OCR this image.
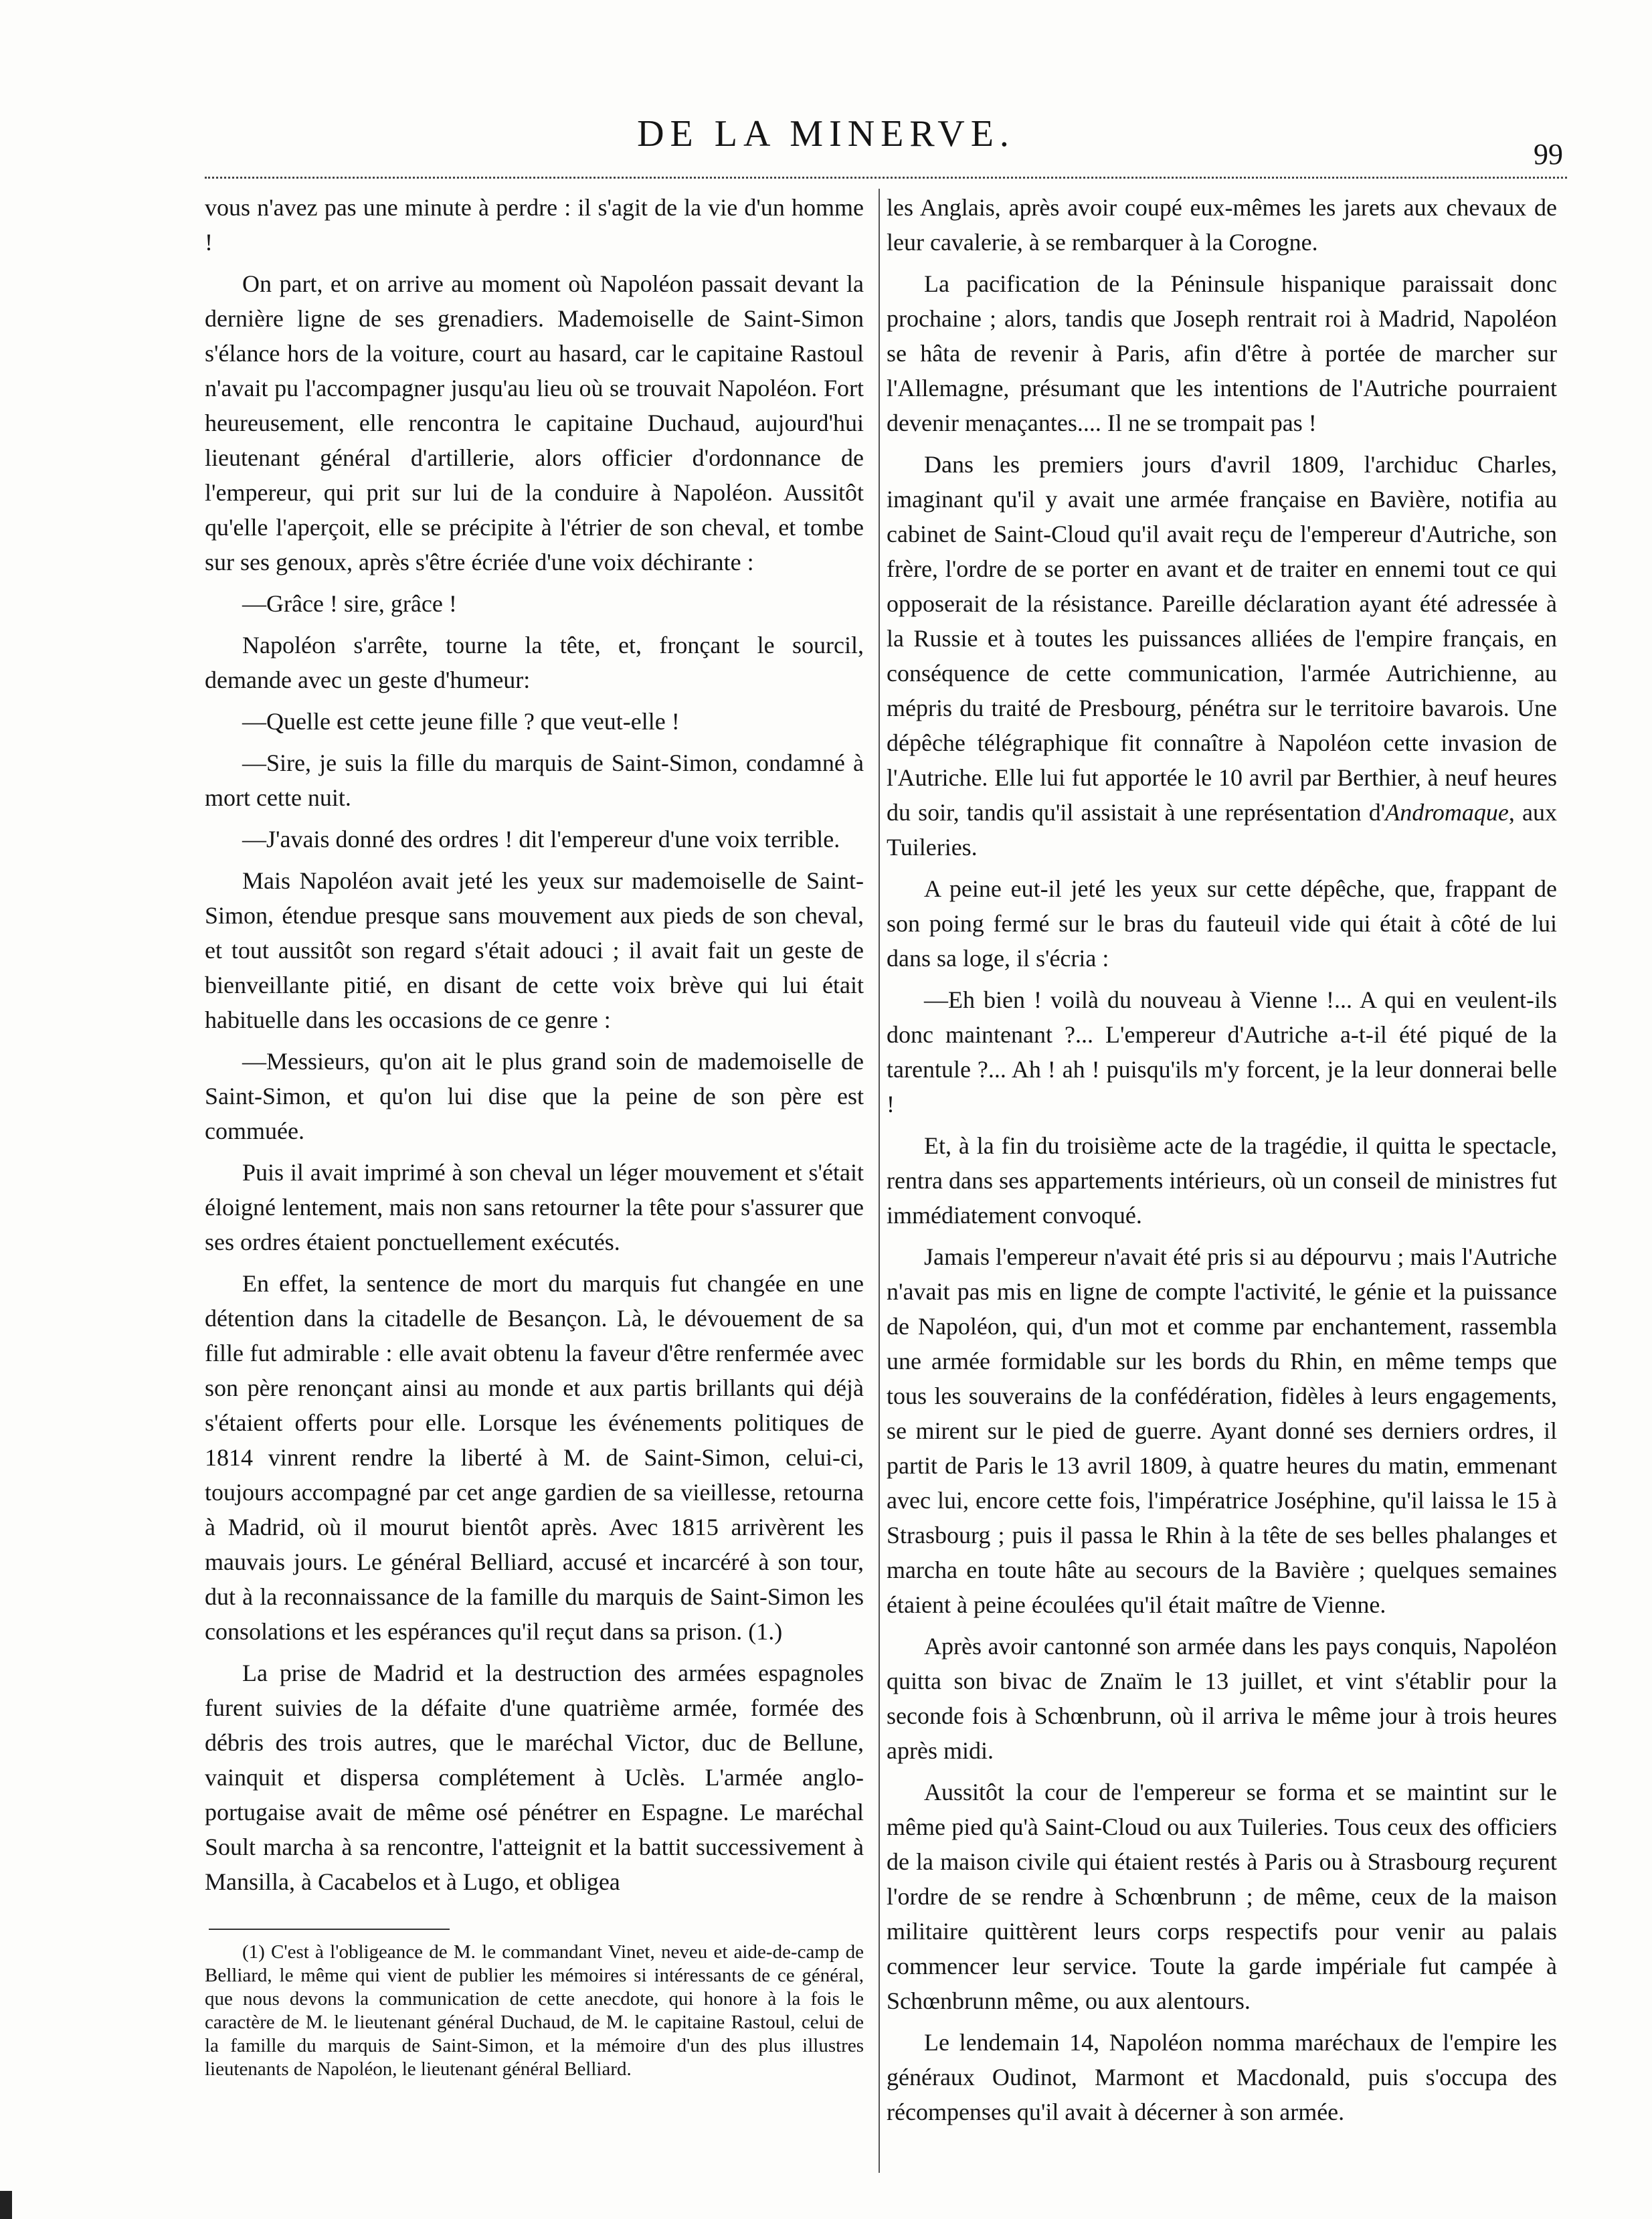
DE LA MINERVE.	99

vous n'avez pas une minute à perdre : il s'agit de la vie d'un homme !

On part, et on arrive au moment où Napoléon passait devant la dernière ligne de ses grenadiers. Mademoiselle de Saint-Simon s'élance hors de la voiture, court au hasard, car le capitaine Rastoul n'avait pu l'accompagner jusqu'au lieu où se trouvait Napoléon. Fort heureusement, elle rencontra le capitaine Duchaud, aujourd'hui lieutenant général d'artillerie, alors officier d'ordonnance de l'empereur, qui prit sur lui de la conduire à Napoléon. Aussitôt qu'elle l'aperçoit, elle se précipite à l'étrier de son cheval, et tombe sur ses genoux, après s'être écriée d'une voix déchirante :

—Grâce ! sire, grâce !

Napoléon s'arrête, tourne la tête, et, fronçant le sourcil, demande avec un geste d'humeur:

—Quelle est cette jeune fille ? que veut-elle !

—Sire, je suis la fille du marquis de Saint-Simon, condamné à mort cette nuit.

—J'avais donné des ordres ! dit l'empereur d'une voix terrible.

Mais Napoléon avait jeté les yeux sur mademoiselle de Saint-Simon, étendue presque sans mouvement aux pieds de son cheval, et tout aussitôt son regard s'était adouci ; il avait fait un geste de bienveillante pitié, en disant de cette voix brève qui lui était habituelle dans les occasions de ce genre :

—Messieurs, qu'on ait le plus grand soin de mademoiselle de Saint-Simon, et qu'on lui dise que la peine de son père est commuée.

Puis il avait imprimé à son cheval un léger mouvement et s'était éloigné lentement, mais non sans retourner la tête pour s'assurer que ses ordres étaient ponctuellement exécutés.

En effet, la sentence de mort du marquis fut changée en une détention dans la citadelle de Besançon. Là, le dévouement de sa fille fut admirable : elle avait obtenu la faveur d'être renfermée avec son père renonçant ainsi au monde et aux partis brillants qui déjà s'étaient offerts pour elle. Lorsque les événements politiques de 1814 vinrent rendre la liberté à M. de Saint-Simon, celui-ci, toujours accompagné par cet ange gardien de sa vieillesse, retourna à Madrid, où il mourut bientôt après. Avec 1815 arrivèrent les mauvais jours. Le général Belliard, accusé et incarcéré à son tour, dut à la reconnaissance de la famille du marquis de Saint-Simon les consolations et les espérances qu'il reçut dans sa prison. (1.)

La prise de Madrid et la destruction des armées espagnoles furent suivies de la défaite d'une quatrième armée, formée des débris des trois autres, que le maréchal Victor, duc de Bellune, vainquit et dispersa complétement à Uclès. L'armée anglo-portugaise avait de même osé pénétrer en Espagne. Le maréchal Soult marcha à sa rencontre, l'atteignit et la battit successivement à Mansilla, à Cacabelos et à Lugo, et obligea

(1) C'est à l'obligeance de M. le commandant Vinet, neveu et aide-de-camp de Belliard, le même qui vient de publier les mémoires si intéressants de ce général, que nous devons la communication de cette anecdote, qui honore à la fois le caractère de M. le lieutenant général Duchaud, de M. le capitaine Rastoul, celui de la famille du marquis de Saint-Simon, et la mémoire d'un des plus illustres lieutenants de Napoléon, le lieutenant général Belliard.

les Anglais, après avoir coupé eux-mêmes les jarets aux chevaux de leur cavalerie, à se rembarquer à la Corogne.

La pacification de la Péninsule hispanique paraissait donc prochaine ; alors, tandis que Joseph rentrait roi à Madrid, Napoléon se hâta de revenir à Paris, afin d'être à portée de marcher sur l'Allemagne, présumant que les intentions de l'Autriche pourraient devenir menaçantes.... Il ne se trompait pas !

Dans les premiers jours d'avril 1809, l'archiduc Charles, imaginant qu'il y avait une armée française en Bavière, notifia au cabinet de Saint-Cloud qu'il avait reçu de l'empereur d'Autriche, son frère, l'ordre de se porter en avant et de traiter en ennemi tout ce qui opposerait de la résistance. Pareille déclaration ayant été adressée à la Russie et à toutes les puissances alliées de l'empire français, en conséquence de cette communication, l'armée Autrichienne, au mépris du traité de Presbourg, pénétra sur le territoire bavarois. Une dépêche télégraphique fit connaître à Napoléon cette invasion de l'Autriche. Elle lui fut apportée le 10 avril par Berthier, à neuf heures du soir, tandis qu'il assistait à une représentation d'Andromaque, aux Tuileries.

A peine eut-il jeté les yeux sur cette dépêche, que, frappant de son poing fermé sur le bras du fauteuil vide qui était à côté de lui dans sa loge, il s'écria :

—Eh bien ! voilà du nouveau à Vienne !... A qui en veulent-ils donc maintenant ?... L'empereur d'Autriche a-t-il été piqué de la tarentule ?... Ah ! ah ! puisqu'ils m'y forcent, je la leur donnerai belle !

Et, à la fin du troisième acte de la tragédie, il quitta le spectacle, rentra dans ses appartements intérieurs, où un conseil de ministres fut immédiatement convoqué.

Jamais l'empereur n'avait été pris si au dépourvu ; mais l'Autriche n'avait pas mis en ligne de compte l'activité, le génie et la puissance de Napoléon, qui, d'un mot et comme par enchantement, rassembla une armée formidable sur les bords du Rhin, en même temps que tous les souverains de la confédération, fidèles à leurs engagements, se mirent sur le pied de guerre. Ayant donné ses derniers ordres, il partit de Paris le 13 avril 1809, à quatre heures du matin, emmenant avec lui, encore cette fois, l'impératrice Joséphine, qu'il laissa le 15 à Strasbourg ; puis il passa le Rhin à la tête de ses belles phalanges et marcha en toute hâte au secours de la Bavière ; quelques semaines étaient à peine écoulées qu'il était maître de Vienne.

Après avoir cantonné son armée dans les pays conquis, Napoléon quitta son bivac de Znaïm le 13 juillet, et vint s'établir pour la seconde fois à Schœnbrunn, où il arriva le même jour à trois heures après midi.

Aussitôt la cour de l'empereur se forma et se maintint sur le même pied qu'à Saint-Cloud ou aux Tuileries. Tous ceux des officiers de la maison civile qui étaient restés à Paris ou à Strasbourg reçurent l'ordre de se rendre à Schœnbrunn ; de même, ceux de la maison militaire quittèrent leurs corps respectifs pour venir au palais commencer leur service. Toute la garde impériale fut campée à Schœnbrunn même, ou aux alentours.

Le lendemain 14, Napoléon nomma maréchaux de l'empire les généraux Oudinot, Marmont et Macdonald, puis s'occupa des récompenses qu'il avait à décerner à son armée.
